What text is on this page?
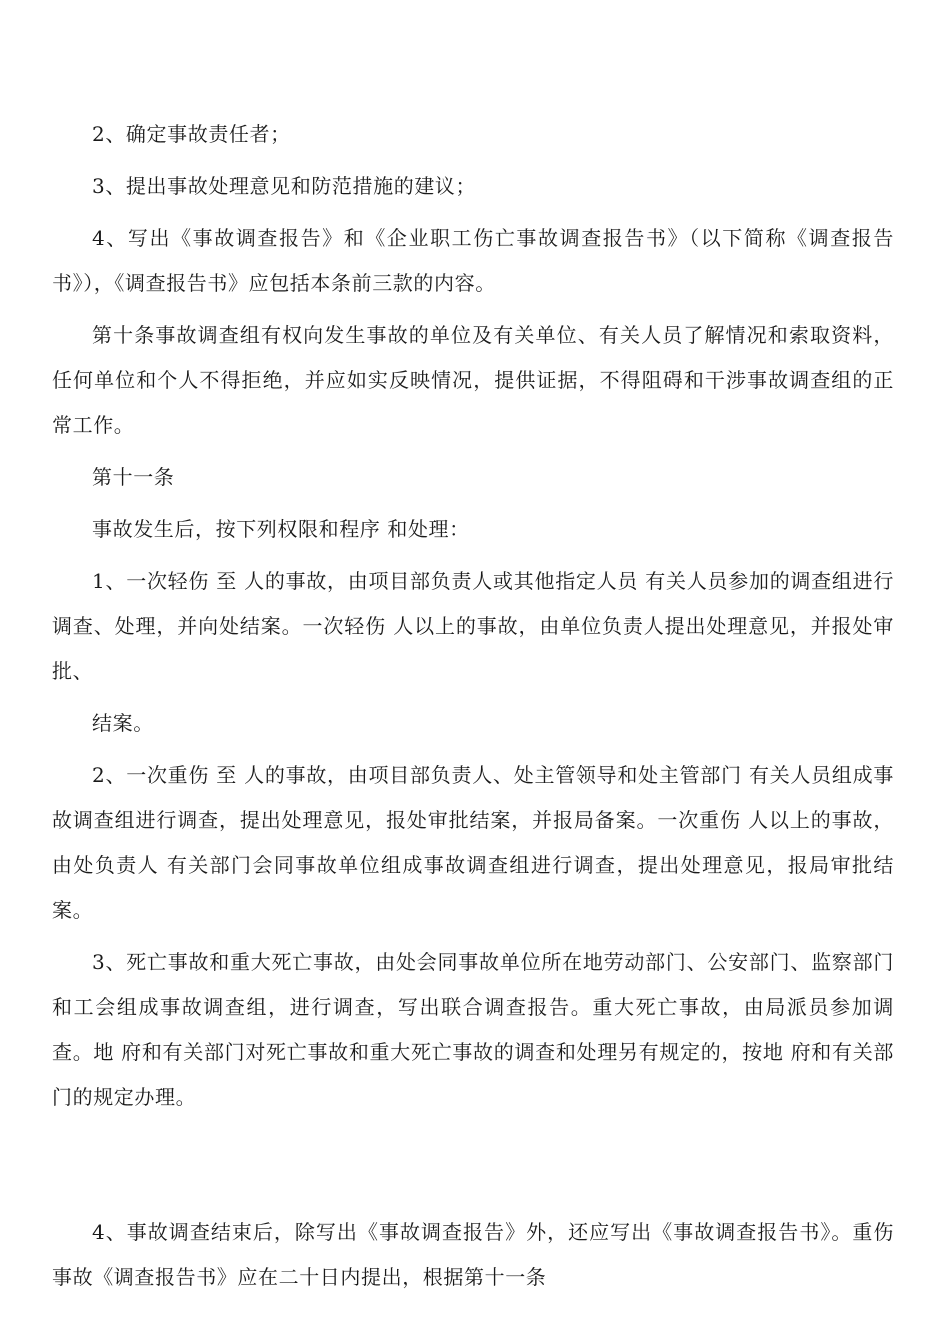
2、确定事故责任者；

3、提出事故处理意见和防范措施的建议；

4、写出《事故调查报告》和《企业职工伤亡事故调查报告书》（以下简称《调查报告书》），《调查报告书》应包括本条前三款的内容。

第十条事故调查组有权向发生事故的单位及有关单位、有关人员了解情况和索取资料，任何单位和个人不得拒绝，并应如实反映情况，提供证据，不得阻碍和干涉事故调查组的正常工作。

第十一条

事故发生后，按下列权限和程序 和处理：

1、一次轻伤 至 人的事故，由项目部负责人或其他指定人员 有关人员参加的调查组进行调查、处理，并向处结案。一次轻伤 人以上的事故，由单位负责人提出处理意见，并报处审批、

结案。

2、一次重伤 至 人的事故，由项目部负责人、处主管领导和处主管部门 有关人员组成事故调查组进行调查，提出处理意见，报处审批结案，并报局备案。一次重伤 人以上的事故，由处负责人 有关部门会同事故单位组成事故调查组进行调查，提出处理意见，报局审批结案。

3、死亡事故和重大死亡事故，由处会同事故单位所在地劳动部门、公安部门、监察部门和工会组成事故调查组，进行调查，写出联合调查报告。重大死亡事故，由局派员参加调查。地 府和有关部门对死亡事故和重大死亡事故的调查和处理另有规定的，按地 府和有关部门的规定办理。

4、事故调查结束后，除写出《事故调查报告》外，还应写出《事故调查报告书》。重伤事故《调查报告书》应在二十日内提出，根据第十一条
